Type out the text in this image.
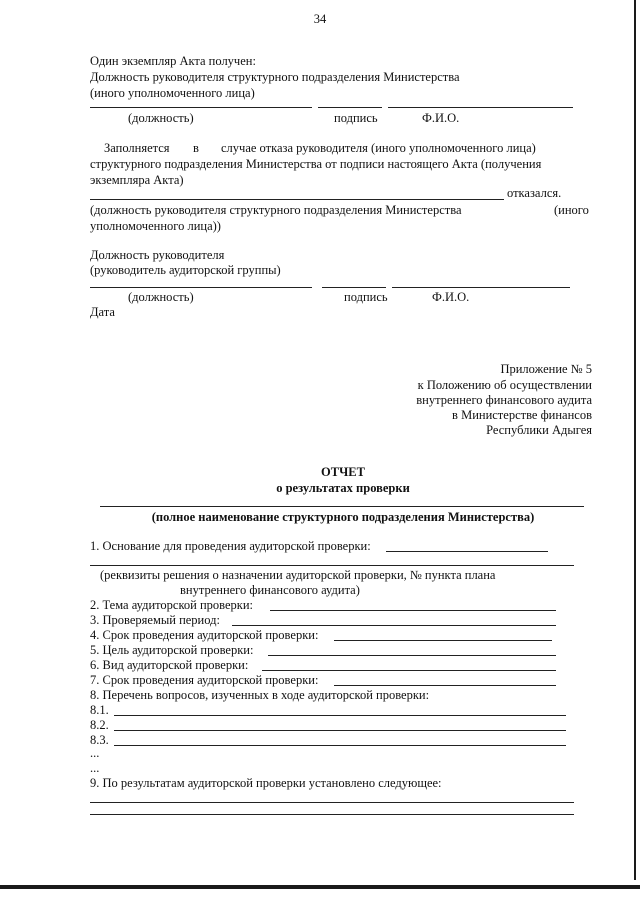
34
Один экземпляр Акта получен:
Должность руководителя структурного подразделения Министерства
(иного уполномоченного лица)
(должность)	подпись	Ф.И.О.
Заполняется в случае отказа руководителя (иного уполномоченного лица)
структурного подразделения Министерства от подписи настоящего Акта (получения
экземпляра Акта)
отказался.
(должность руководителя структурного подразделения Министерства	(иного
уполномоченного лица))
Должность руководителя
(руководитель аудиторской группы)
(должность)	подпись	Ф.И.О.
Дата
Приложение № 5
к Положению об осуществлении
внутреннего финансового аудита
в Министерстве финансов
Республики Адыгея
ОТЧЕТ
о результатах проверки
(полное наименование структурного подразделения Министерства)
1. Основание для проведения аудиторской проверки:
(реквизиты решения о назначении аудиторской проверки, № пункта плана
внутреннего финансового аудита)
2. Тема аудиторской проверки:
3. Проверяемый период:
4. Срок проведения аудиторской проверки:
5. Цель аудиторской проверки:
6. Вид аудиторской проверки:
7. Срок проведения аудиторской проверки:
8. Перечень вопросов, изученных в ходе аудиторской проверки:
8.1.
8.2.
8.3.
...
...
9. По результатам аудиторской проверки установлено следующее:
